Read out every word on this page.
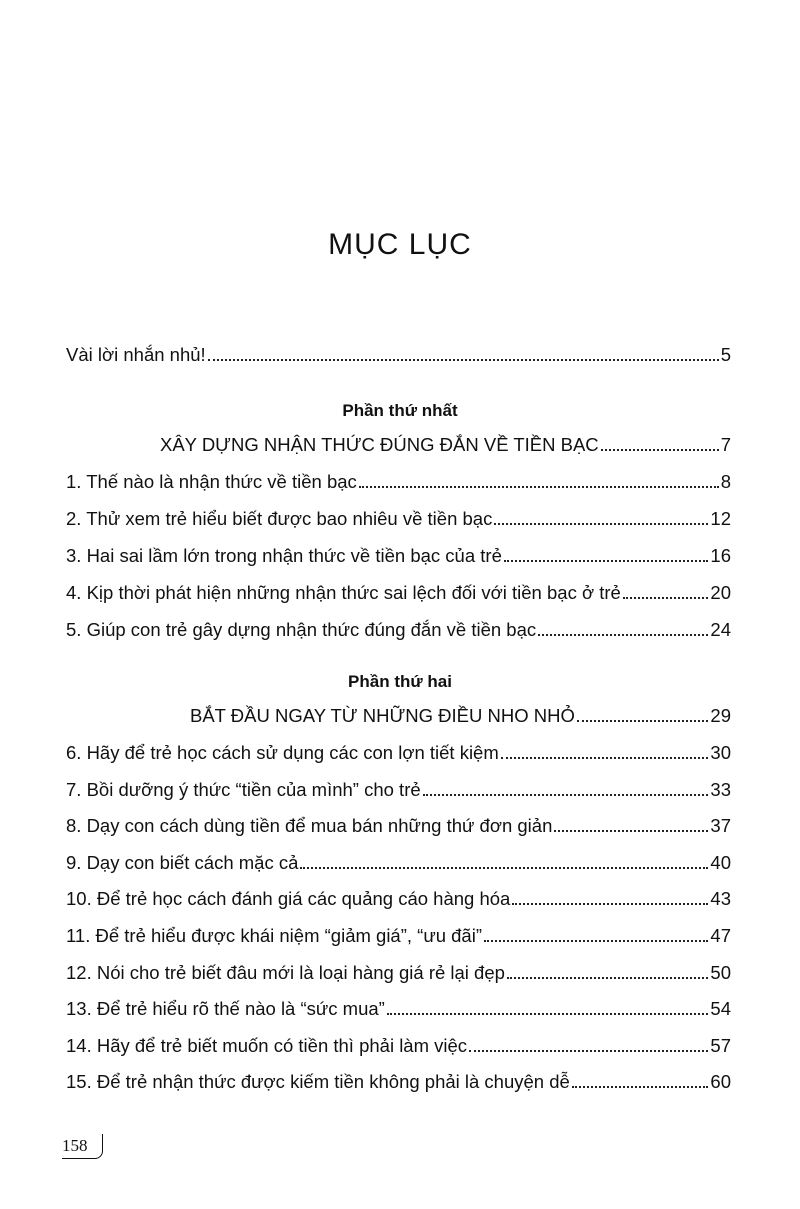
MỤC LỤC
Vài lời nhắn nhủ!	5
Phần thứ nhất
XÂY DỰNG NHẬN THỨC ĐÚNG ĐẮN VỀ TIỀN BẠC	7
1. Thế nào là nhận thức về tiền bạc	8
2. Thử xem trẻ hiểu biết được bao nhiêu về tiền bạc	12
3. Hai sai lầm lớn trong nhận thức về tiền bạc của trẻ	16
4. Kịp thời phát hiện những nhận thức sai lệch đối với tiền bạc ở trẻ	20
5. Giúp con trẻ gây dựng nhận thức đúng đắn về tiền bạc	24
Phần thứ hai
BẮT ĐẦU NGAY TỪ NHỮNG ĐIỀU NHO NHỎ	29
6. Hãy để trẻ học cách sử dụng các con lợn tiết kiệm	30
7. Bồi dưỡng ý thức “tiền của mình” cho trẻ	33
8. Dạy con cách dùng tiền để mua bán những thứ đơn giản	37
9. Dạy con biết cách mặc cả	40
10. Để trẻ học cách đánh giá các quảng cáo hàng hóa	43
11. Để trẻ hiểu được khái niệm “giảm giá”, “ưu đãi”	47
12. Nói cho trẻ biết đâu mới là loại hàng giá rẻ lại đẹp	50
13. Để trẻ hiểu rõ thế nào là “sức mua”	54
14. Hãy để trẻ biết muốn có tiền thì phải làm việc	57
15. Để trẻ nhận thức được kiếm tiền không phải là chuyện dễ	60
158
